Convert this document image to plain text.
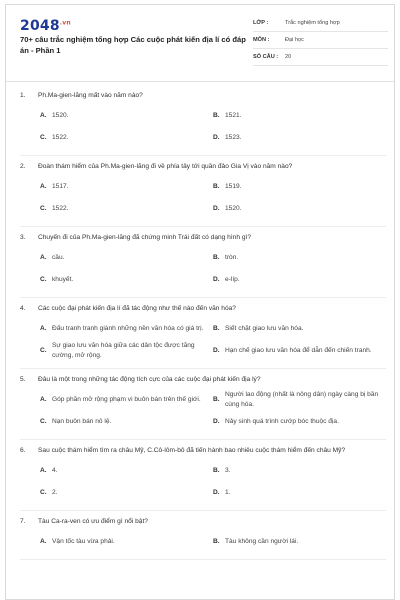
$2048^{.vn}$
70+ câu trắc nghiệm tổng hợp Các cuộc phát kiến địa lí có đáp án - Phần 1
LỚP :	Trắc nghiệm tổng hợp
MÔN :	Đại học
SỐ CÂU :	20
1.	Ph.Ma-gien-lăng mất vào năm nào?
A. 1520.	B. 1521.
C. 1522.	D. 1523.
2.	Đoàn thám hiểm của Ph.Ma-gien-lăng đi về phía tây tới quần đảo Gia Vị vào năm nào?
A. 1517.	B. 1519.
C. 1522.	D. 1520.
3.	Chuyến đi của Ph.Ma-gien-lăng đã chứng minh Trái đất có dạng hình gì?
A. cầu.	B. tròn.
C. khuyết.	D. e-líp.
4.	Các cuộc đại phát kiến địa lí đã tác động như thế nào đến văn hóa?
A. Đấu tranh tranh giành những nền văn hóa có giá trị.	B. Siết chặt giao lưu văn hóa.
C.
Sự giao lưu văn hóa giữa các dân tộc được tăng cường, mở rộng.
D. Hạn chế giao lưu văn hóa để dẫn đến chiến tranh.
5.	Đâu là một trong những tác động tích cực của các cuộc đại phát kiến địa lý?
A. Góp phần mở rộng phạm vi buôn bán trên thế giới.	B.
Người lao động (nhất là nông dân) ngày càng bị bần cùng hóa.
C. Nạn buôn bán nô lệ.	D. Nảy sinh quá trình cướp bóc thuộc địa.
6.	Sau cuộc thám hiểm tìm ra châu Mỹ, C.Cô-lôm-bô đã tiến hành bao nhiêu cuộc thám hiểm đến châu Mỹ?
A. 4.	B. 3.
C. 2.	D. 1.
7.	Tàu Ca-ra-ven có ưu điểm gì nổi bật?
A. Vận tốc tàu vừa phải.	B. Tàu không cần người lái.
